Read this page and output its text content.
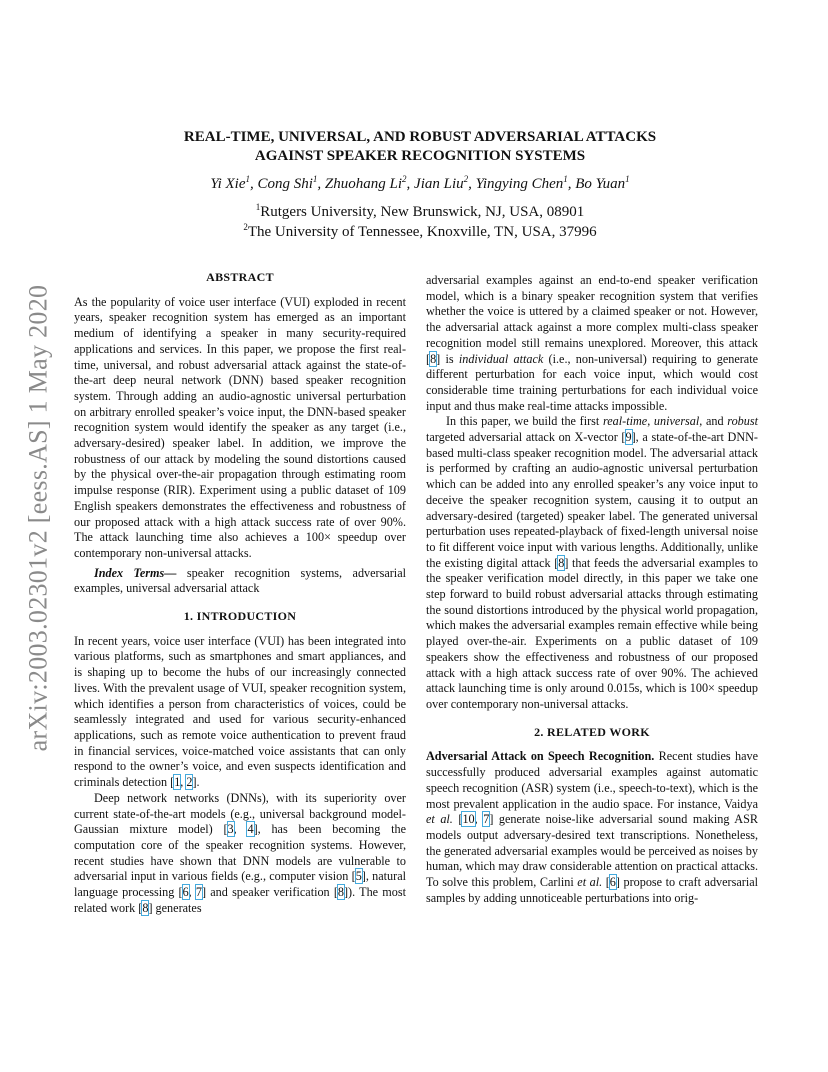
arXiv:2003.02301v2 [eess.AS] 1 May 2020
REAL-TIME, UNIVERSAL, AND ROBUST ADVERSARIAL ATTACKS
AGAINST SPEAKER RECOGNITION SYSTEMS
Yi Xie$^1$, Cong Shi$^1$, Zhuohang Li$^2$, Jian Liu$^2$, Yingying Chen$^1$, Bo Yuan$^1$
$^1$Rutgers University, New Brunswick, NJ, USA, 08901
$^2$The University of Tennessee, Knoxville, TN, USA, 37996
ABSTRACT

As the popularity of voice user interface (VUI) exploded in recent years, speaker recognition system has emerged as an important medium of identifying a speaker in many security-required applications and services. In this paper, we propose the first real-time, universal, and robust adversarial attack against the state-of-the-art deep neural network (DNN) based speaker recognition system. Through adding an audio-agnostic universal perturbation on arbitrary enrolled speaker’s voice input, the DNN-based speaker recognition system would identify the speaker as any target (i.e., adversary-desired) speaker label. In addition, we improve the robustness of our attack by modeling the sound distortions caused by the physical over-the-air propagation through estimating room impulse response (RIR). Experiment using a public dataset of 109 English speakers demonstrates the effectiveness and robustness of our proposed attack with a high attack success rate of over 90%. The attack launching time also achieves a 100× speedup over contemporary non-universal attacks.

Index Terms— speaker recognition systems, adversarial examples, universal adversarial attack

1. INTRODUCTION

In recent years, voice user interface (VUI) has been integrated into various platforms, such as smartphones and smart appliances, and is shaping up to become the hubs of our increasingly connected lives. With the prevalent usage of VUI, speaker recognition system, which identifies a person from characteristics of voices, could be seamlessly integrated and used for various security-enhanced applications, such as remote voice authentication to prevent fraud in financial services, voice-matched voice assistants that can only respond to the owner’s voice, and even suspects identification and criminals detection [1, 2].

Deep network networks (DNNs), with its superiority over current state-of-the-art models (e.g., universal background model-Gaussian mixture model) [3, 4], has been becoming the computation core of the speaker recognition systems. However, recent studies have shown that DNN models are vulnerable to adversarial input in various fields (e.g., computer vision [5], natural language processing [6, 7] and speaker verification [8]). The most related work [8] generates

adversarial examples against an end-to-end speaker verification model, which is a binary speaker recognition system that verifies whether the voice is uttered by a claimed speaker or not. However, the adversarial attack against a more complex multi-class speaker recognition model still remains unexplored. Moreover, this attack [8] is individual attack (i.e., non-universal) requiring to generate different perturbation for each voice input, which would cost considerable time training perturbations for each individual voice input and thus make real-time attacks impossible.

In this paper, we build the first real-time, universal, and robust targeted adversarial attack on X-vector [9], a state-of-the-art DNN-based multi-class speaker recognition model. The adversarial attack is performed by crafting an audio-agnostic universal perturbation which can be added into any enrolled speaker’s any voice input to deceive the speaker recognition system, causing it to output an adversary-desired (targeted) speaker label. The generated universal perturbation uses repeated-playback of fixed-length universal noise to fit different voice input with various lengths. Additionally, unlike the existing digital attack [8] that feeds the adversarial examples to the speaker verification model directly, in this paper we take one step forward to build robust adversarial attacks through estimating the sound distortions introduced by the physical world propagation, which makes the adversarial examples remain effective while being played over-the-air. Experiments on a public dataset of 109 speakers show the effectiveness and robustness of our proposed attack with a high attack success rate of over 90%. The achieved attack launching time is only around 0.015s, which is 100× speedup over contemporary non-universal attacks.

2. RELATED WORK

Adversarial Attack on Speech Recognition. Recent studies have successfully produced adversarial examples against automatic speech recognition (ASR) system (i.e., speech-to-text), which is the most prevalent application in the audio space. For instance, Vaidya et al. [10, 7] generate noise-like adversarial sound making ASR models output adversary-desired text transcriptions. Nonetheless, the generated adversarial examples would be perceived as noises by human, which may draw considerable attention on practical attacks. To solve this problem, Carlini et al. [6] propose to craft adversarial samples by adding unnoticeable perturbations into orig-
